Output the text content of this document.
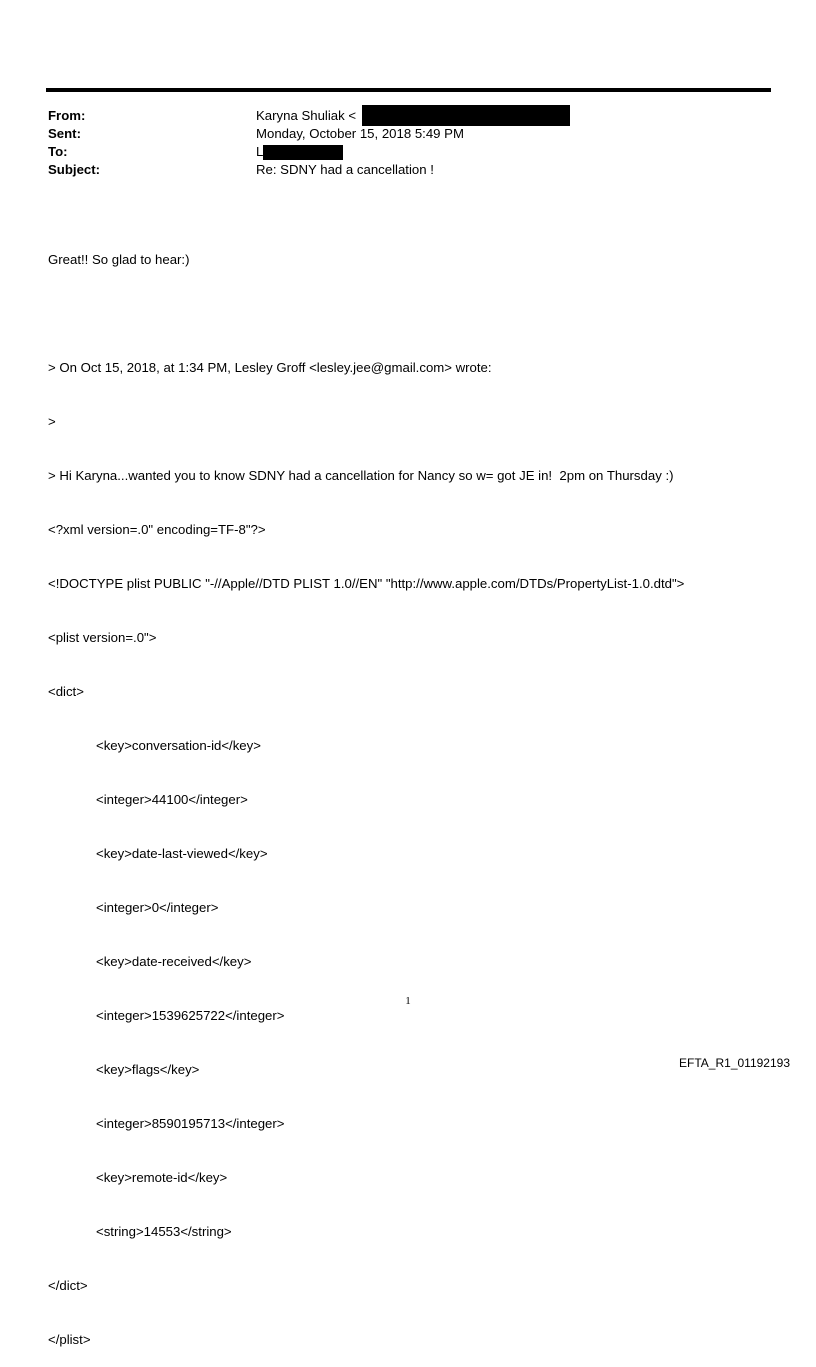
From:	Karyna Shuliak <
Sent:	Monday, October 15, 2018 5:49 PM
To:	L
Subject:	Re: SDNY had a cancellation !

Great!! So glad to hear:)

> On Oct 15, 2018, at 1:34 PM, Lesley Groff <lesley.jee@gmail.com> wrote:

>

> Hi Karyna...wanted you to know SDNY had a cancellation for Nancy so w= got JE in!  2pm on Thursday :)

<?xml version=.0" encoding=TF-8"?>

<!DOCTYPE plist PUBLIC "-//Apple//DTD PLIST 1.0//EN" "http://www.apple.com/DTDs/PropertyList-1.0.dtd">

<plist version=.0">

<dict>

<key>conversation-id</key>

<integer>44100</integer>

<key>date-last-viewed</key>

<integer>0</integer>

<key>date-received</key>

<integer>1539625722</integer>

<key>flags</key>

<integer>8590195713</integer>

<key>remote-id</key>

<string>14553</string>

</dict>

</plist>

1
EFTA_R1_01192193
